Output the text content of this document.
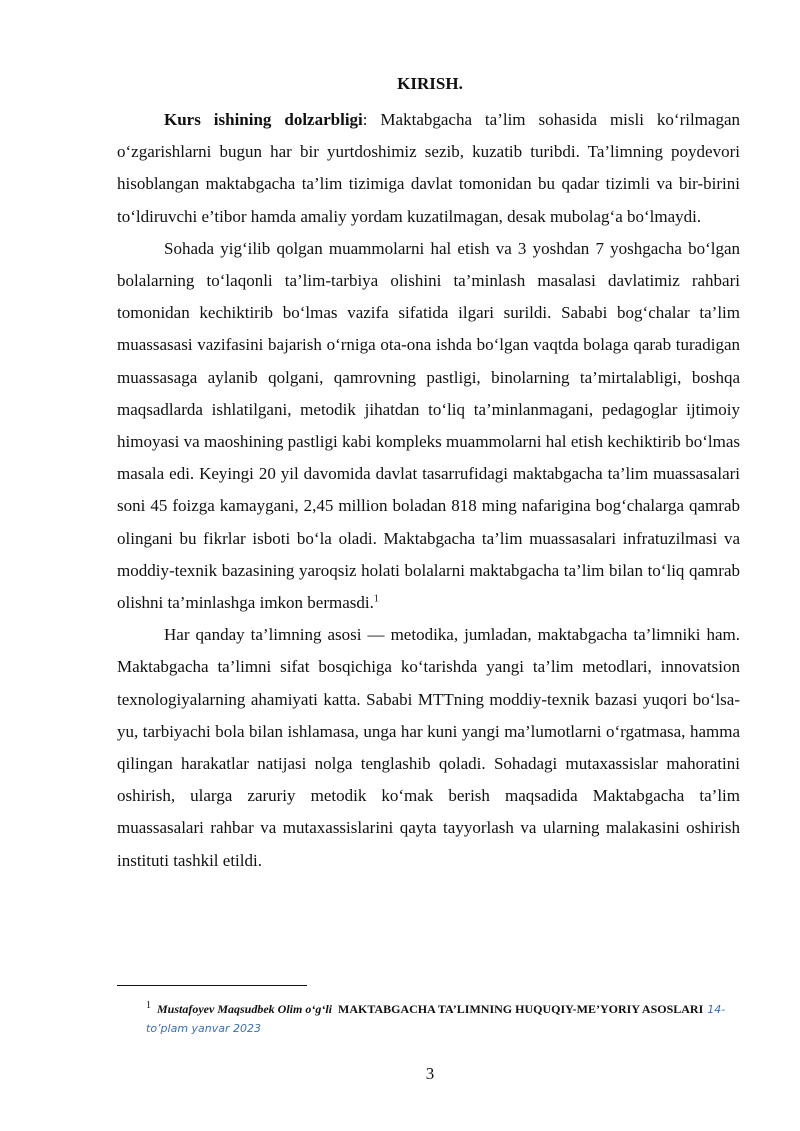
KIRISH.

Kurs ishining dolzarbligi: Maktabgacha ta’lim sohasida misli ko‘rilmagan o‘zgarishlarni bugun har bir yurtdoshimiz sezib, kuzatib turibdi. Ta’limning poydevori hisoblangan maktabgacha ta’lim tizimiga davlat tomonidan bu qadar tizimli va bir-birini to‘ldiruvchi e’tibor hamda amaliy yordam kuzatilmagan, desak mubolag‘a bo‘lmaydi.

Sohada yig‘ilib qolgan muammolarni hal etish va 3 yoshdan 7 yoshgacha bo‘lgan bolalarning to‘laqonli ta’lim-tarbiya olishini ta’minlash masalasi davlatimiz rahbari tomonidan kechiktirib bo‘lmas vazifa sifatida ilgari surildi. Sababi bog‘chalar ta’lim muassasasi vazifasini bajarish o‘rniga ota-ona ishda bo‘lgan vaqtda bolaga qarab turadigan muassasaga aylanib qolgani, qamrovning pastligi, binolarning ta’mirtalabligi, boshqa maqsadlarda ishlatilgani, metodik jihatdan to‘liq ta’minlanmagani, pedagoglar ijtimoiy himoyasi va maoshining pastligi kabi kompleks muammolarni hal etish kechiktirib bo‘lmas masala edi. Keyingi 20 yil davomida davlat tasarrufidagi maktabgacha ta’lim muassasalari soni 45 foizga kamaygani, 2,45 million boladan 818 ming nafarigina bog‘chalarga qamrab olingani bu fikrlar isboti bo‘la oladi. Maktabgacha ta’lim muassasalari infratuzilmasi va moddiy-texnik bazasining yaroqsiz holati bolalarni maktabgacha ta’lim bilan to‘liq qamrab olishni ta’minlashga imkon bermasdi.$^1$

Har qanday ta’limning asosi — metodika, jumladan, maktabgacha ta’limniki ham. Maktabgacha ta’limni sifat bosqichiga ko‘tarishda yangi ta’lim metodlari, innovatsion texnologiyalarning ahamiyati katta. Sababi MTTning moddiy-texnik bazasi yuqori bo‘lsa-yu, tarbiyachi bola bilan ishlamasa, unga har kuni yangi ma’lumotlarni o‘rgatmasa, hamma qilingan harakatlar natijasi nolga tenglashib qoladi. Sohadagi mutaxassislar mahoratini oshirish, ularga zaruriy metodik ko‘mak berish maqsadida Maktabgacha ta’lim muassasalari rahbar va mutaxassislarini qayta tayyorlash va ularning malakasini oshirish instituti tashkil etildi.

$^1$ Mustafoyev Maqsudbek Olim o‘g‘li MAKTABGACHA TA’LIMNING HUQUQIY-ME’YORIY ASOSLARI 14-to’plam yanvar 2023
3
